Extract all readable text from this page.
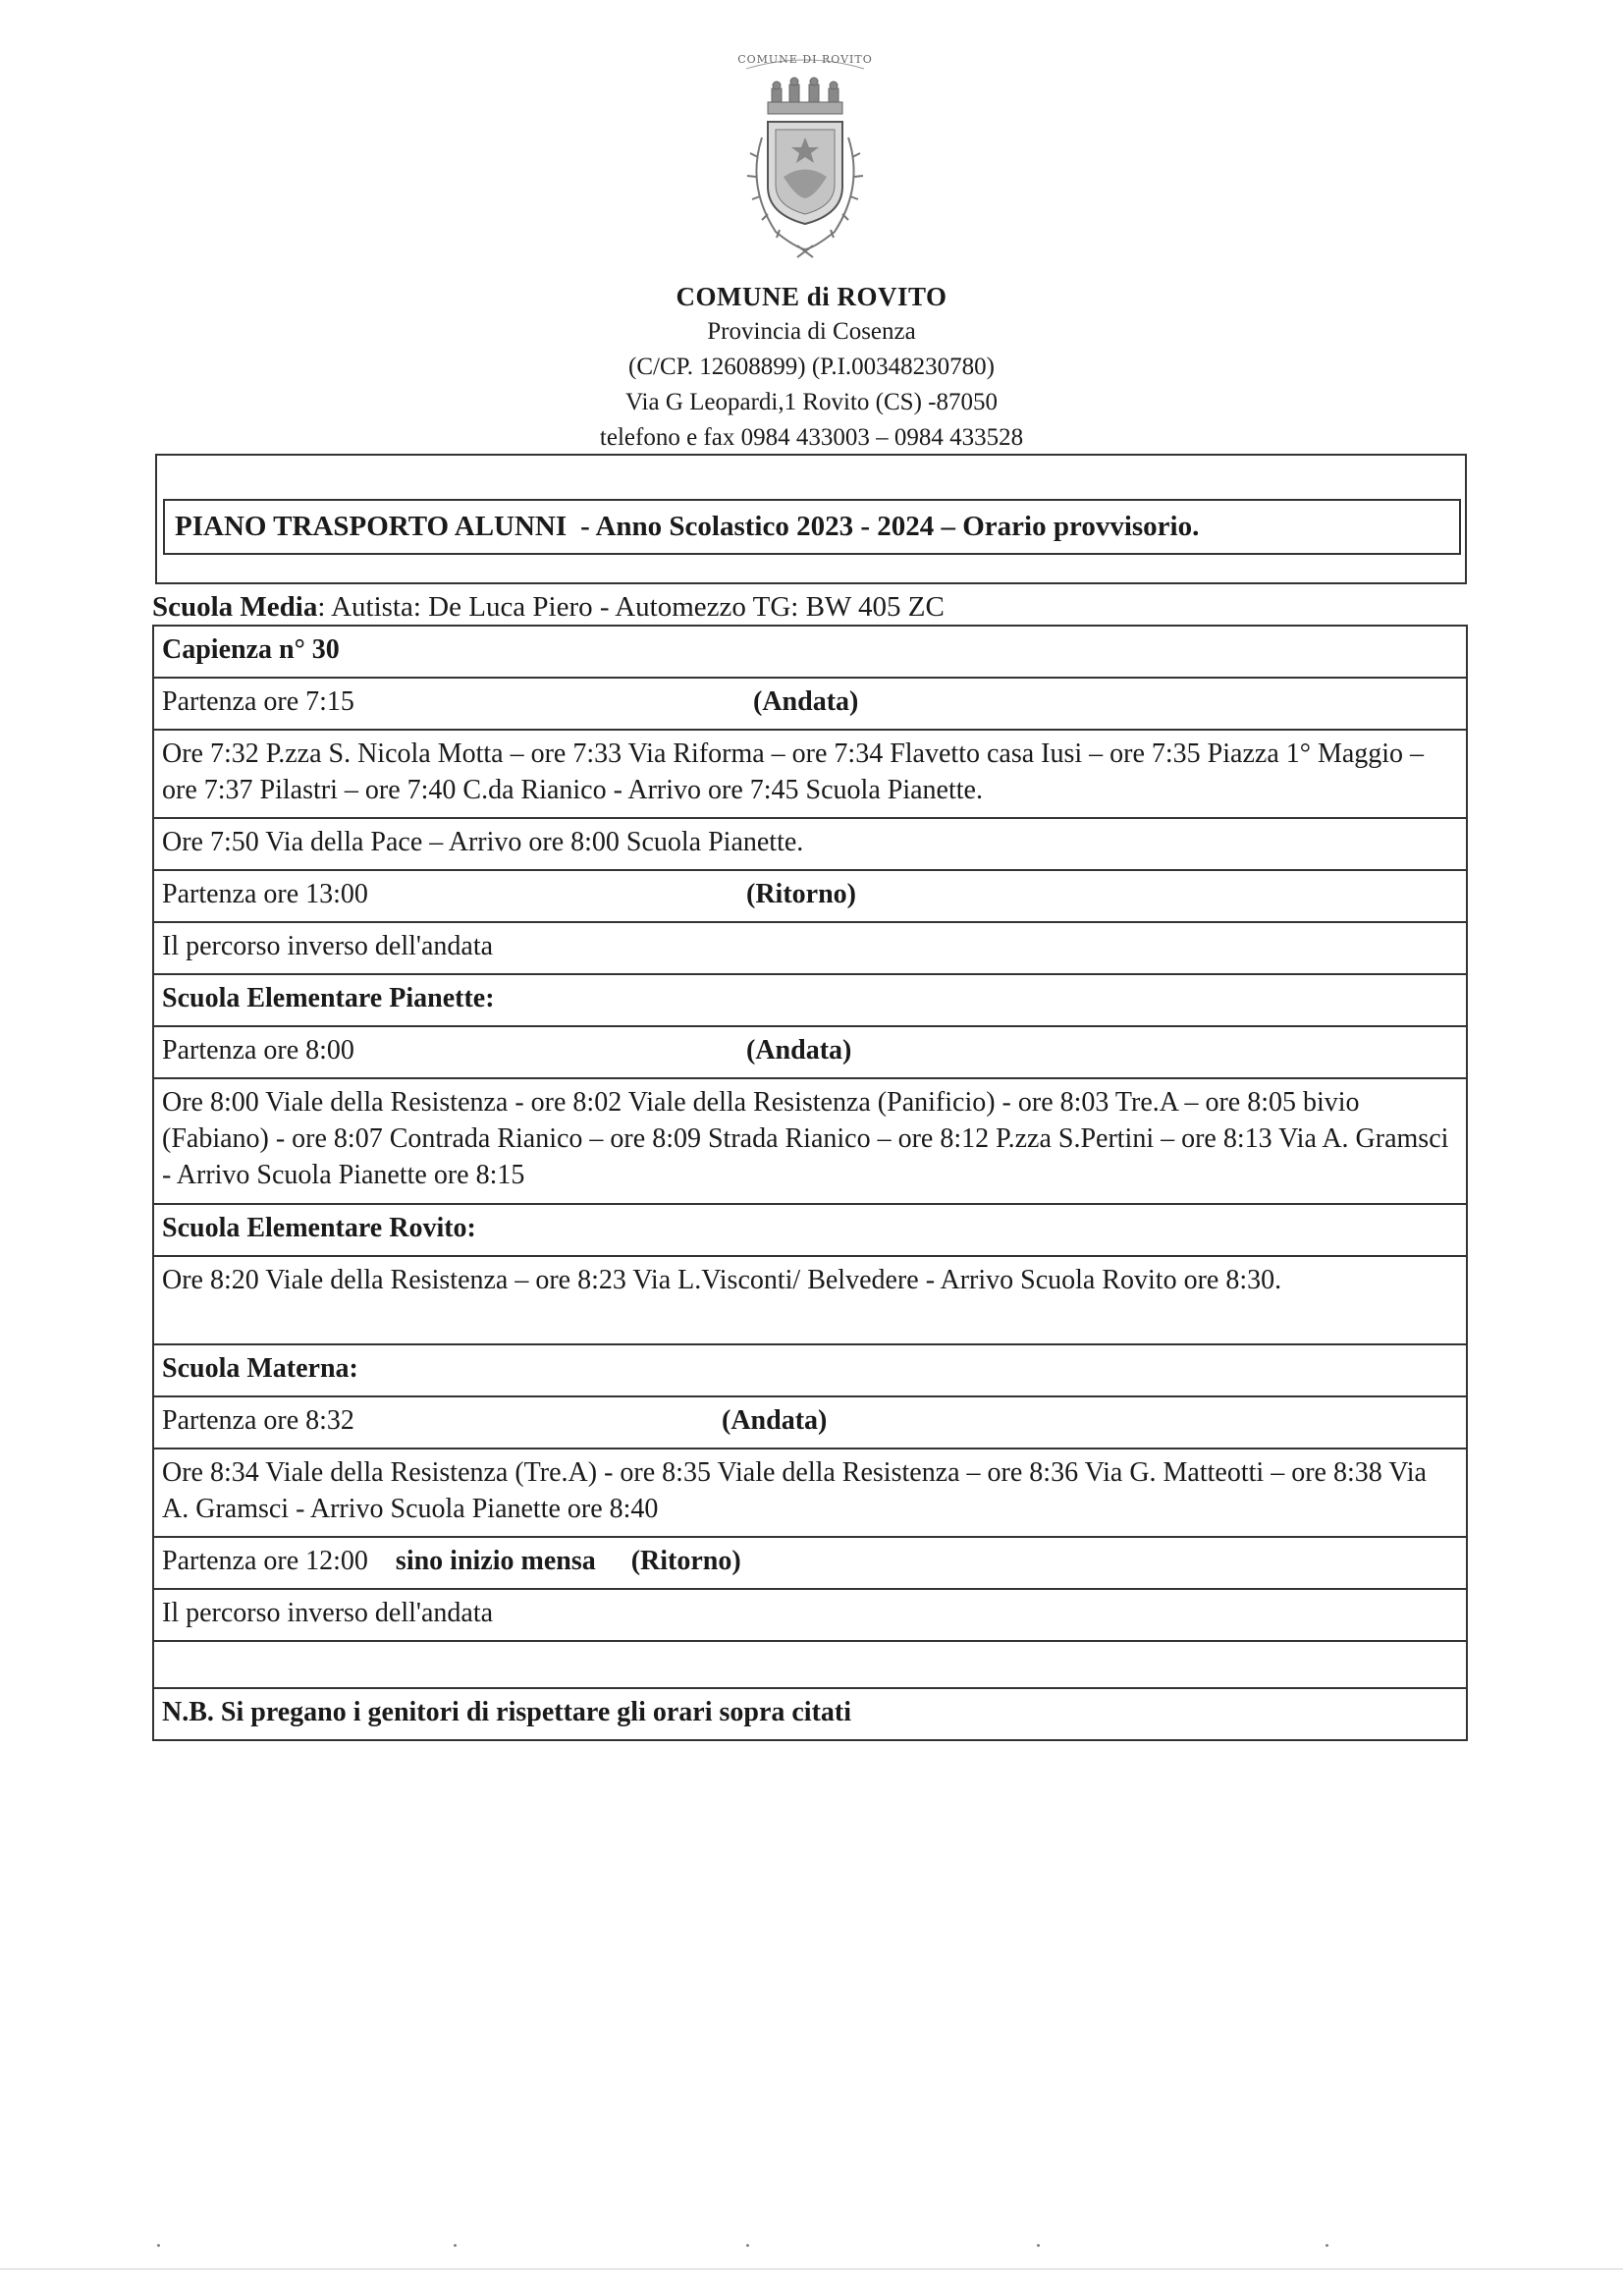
COMUNE DI ROVITO
COMUNE di ROVITO
Provincia di Cosenza
(C/CP. 12608899) (P.I.00348230780)
Via G Leopardi,1 Rovito (CS) -87050
telefono e fax 0984 433003 – 0984 433528
PIANO TRASPORTO ALUNNI - Anno Scolastico 2023 - 2024 – Orario provvisorio.
Scuola Media: Autista: De Luca Piero - Automezzo TG: BW 405 ZC
Capienza n° 30
Partenza ore 7:15	(Andata)
Ore 7:32 P.zza S. Nicola Motta – ore 7:33 Via Riforma – ore 7:34 Flavetto casa Iusi – ore 7:35 Piazza 1° Maggio – ore 7:37 Pilastri – ore 7:40 C.da Rianico - Arrivo ore 7:45 Scuola Pianette.
Ore 7:50 Via della Pace – Arrivo ore 8:00 Scuola Pianette.
Partenza ore 13:00	(Ritorno)
Il percorso inverso dell'andata
Scuola Elementare Pianette:
Partenza ore 8:00	(Andata)
Ore 8:00 Viale della Resistenza - ore 8:02 Viale della Resistenza (Panificio) - ore 8:03 Tre.A – ore 8:05 bivio (Fabiano) - ore 8:07 Contrada Rianico – ore 8:09 Strada Rianico – ore 8:12 P.zza S.Pertini – ore 8:13 Via A. Gramsci - Arrivo Scuola Pianette ore 8:15
Scuola Elementare Rovito:
Ore 8:20 Viale della Resistenza – ore 8:23 Via L.Visconti/ Belvedere - Arrivo Scuola Rovito ore 8:30.
Scuola Materna:
Partenza ore 8:32	(Andata)
Ore 8:34 Viale della Resistenza (Tre.A) - ore 8:35 Viale della Resistenza – ore 8:36 Via G. Matteotti – ore 8:38 Via A. Gramsci - Arrivo Scuola Pianette ore 8:40
Partenza ore 12:00 sino inizio mensa (Ritorno)
Il percorso inverso dell'andata
N.B. Si pregano i genitori di rispettare gli orari sopra citati
